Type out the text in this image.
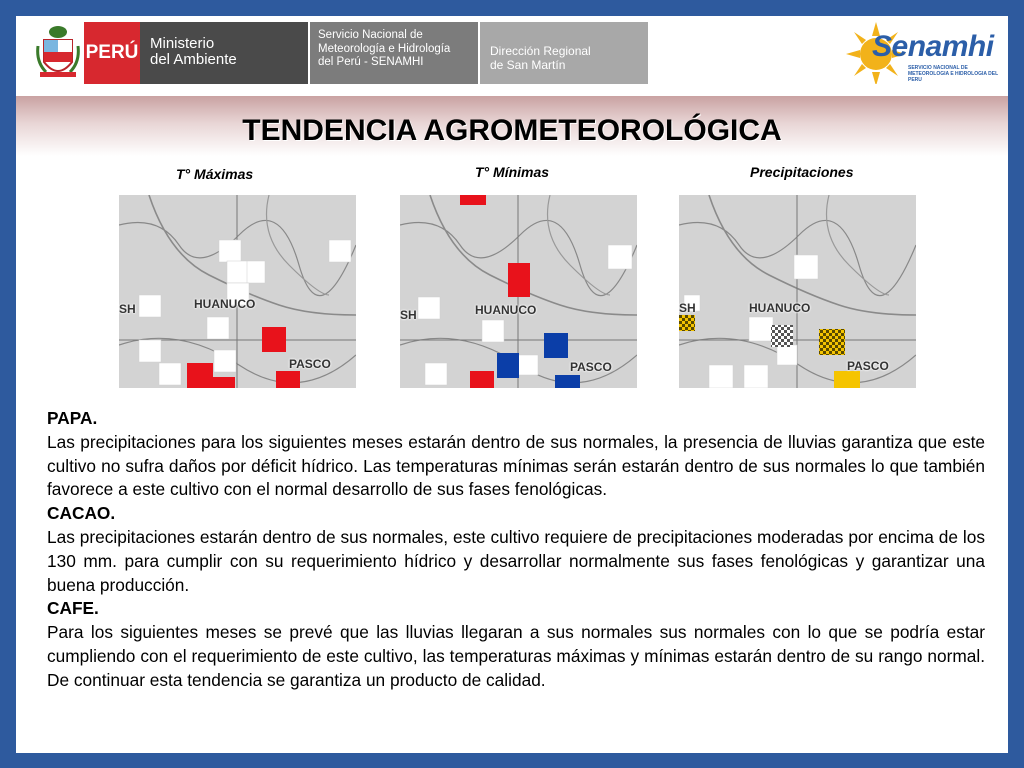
PERÚ Ministerio
del Ambiente
Servicio Nacional de
Meteorología e Hidrología
del Perú - SENAMHI
Dirección Regional
de San Martín
Senamhi
SERVICIO NACIONAL DE METEOROLOGIA E HIDROLOGIA DEL PERU
TENDENCIA AGROMETEOROLÓGICA
T° Máximas
HUANUCO
PASCO
SH
T° Mínimas
HUANUCO
PASCO
SH
Precipitaciones
HUANUCO
PASCO
SH
PAPA.
Las precipitaciones para los siguientes meses estarán dentro de sus normales, la presencia de lluvias garantiza que este cultivo no sufra daños por déficit hídrico. Las temperaturas mínimas serán estarán dentro de sus normales lo que también favorece a este cultivo con el normal desarrollo de sus fases fenológicas.
CACAO.
Las precipitaciones estarán dentro de sus normales, este cultivo requiere de precipitaciones moderadas por encima de los 130 mm. para cumplir con su requerimiento hídrico y desarrollar normalmente sus fases fenológicas y garantizar una buena producción.
CAFE.
Para los siguientes meses se prevé que las lluvias llegaran a sus normales sus normales con lo que se podría estar cumpliendo con el requerimiento de este cultivo, las temperaturas máximas y mínimas estarán dentro de su rango normal. De continuar esta tendencia se garantiza un producto de calidad.
